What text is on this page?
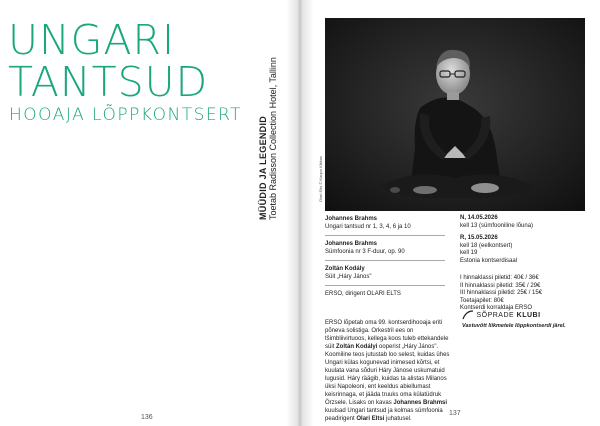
UNGARI
TANTSUD
HOOAJA LÕPPKONTSERT
MÜÜDID JA LEGENDID Toetab Radisson Collection Hotel, Tallinn
136
Olari Elts © Kaupo Kikkas
Johannes Brahms
Ungari tantsud nr 1, 3, 4, 6 ja 10
Johannes Brahms
Sümfoonia nr 3 F-duur, op. 90
Zoltán Kodály
Süit „Háry János"
ERSO, dirigent OLARI ELTS
N, 14.05.2026
kell 13 (sümfooniline lõuna)
R, 15.05.2026
kell 18 (eelkontsert)
kell 19
Estonia kontserdisaal
I hinnaklassi piletid: 40€ / 36€
II hinnaklassi piletid: 35€ / 29€
III hinnaklassi piletid: 25€ / 15€
Toetajapilet: 80€
Kontserdi korraldaja ERSO
SÕPRADE KLUBI
Vastuvõtt liikmetele lõppkontserdi järel.
ERSO lõpetab oma 99. kontserdihooaja eriti põneva solistiga. Orkestril ees on tšimbliivirtuoos, kellega koos tuleb ettekandele süit Zoltán Kodályi ooperist „Háry János". Koomiline teos jutustab loo selest, kuidas ühes Ungari külas kogunevad inimesed kõrtsi, et kuulata vana sõduri Háry Jánose uskumatuid lugusid. Háry räägib, kuidas ta alistas Milanos üksi Napoleoni, ent keeldus abiellumast keisrinnaga, et jääda truuks oma külatüdruk Örzsele. Lisaks on kavas Johannes Brahmsi kuulsad Ungari tantsud ja kolmas sümfoonia peadirigent Olari Eltsi juhatusel.
137
